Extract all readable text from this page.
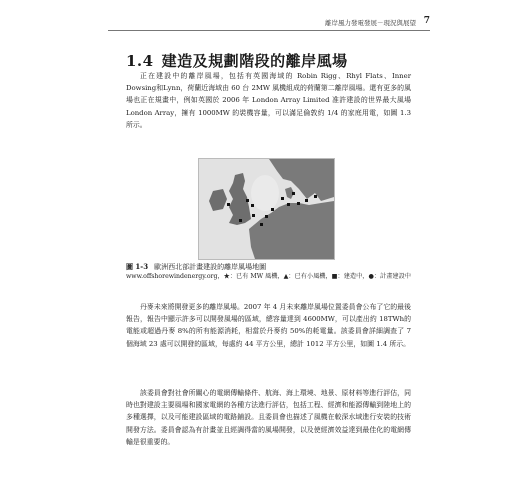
離岸風力發電發展－現況與展望 7
1.4 建造及規劃階段的離岸風場

正在建設中的離岸風場，包括有英國海域的 Robin Rigg、Rhyl Flats、Inner Dowsing和Lynn，荷蘭近海域由 60 台 2MW 風機組成的荷蘭第二離岸風場。還有更多的風場也正在規畫中，例如英國於 2006 年 London Array Limited 准許建設的世界最大風場 London Array，擁有 1000MW 的裝機容量，可以滿足倫敦約 1/4 的家庭用電，如圖 1.3 所示。

圖 1-3 歐洲西北部計畫建設的離岸風場地圖
www.offshorewindenergy.org，★：已有 MW 風機，▲：已有小風機，■：建造中，●：計畫建設中

丹麥未來將開發更多的離岸風場。2007 年 4 月未來離岸風場位置委員會公布了它的最後報告，報告中顯示許多可以開發風場的區域，總容量達到 4600MW，可以產出約 18TWh的電能或超過丹麥 8%的所有能源消耗，相當於丹麥約 50%的耗電量。該委員會詳細調查了 7 個海域 23 處可以開發的區域，每處約 44 平方公里，總計 1012 平方公里，如圖 1.4 所示。

該委員會對社會所關心的電網傳輸條件、航海、海上環境、地景、原材料等進行評估，同時也對建設主要風場和國家電網的各種方法進行評估，包括工程、經濟和能源傳輸到陸地上的多種選擇，以及可能建設區域的電路鋪設。且委員會也描述了風機在較深水域進行安裝的技術開發方法。委員會認為有計畫並且經調得當的風場開發，以及使經濟效益達到最佳化的電網傳輸是很重要的。
